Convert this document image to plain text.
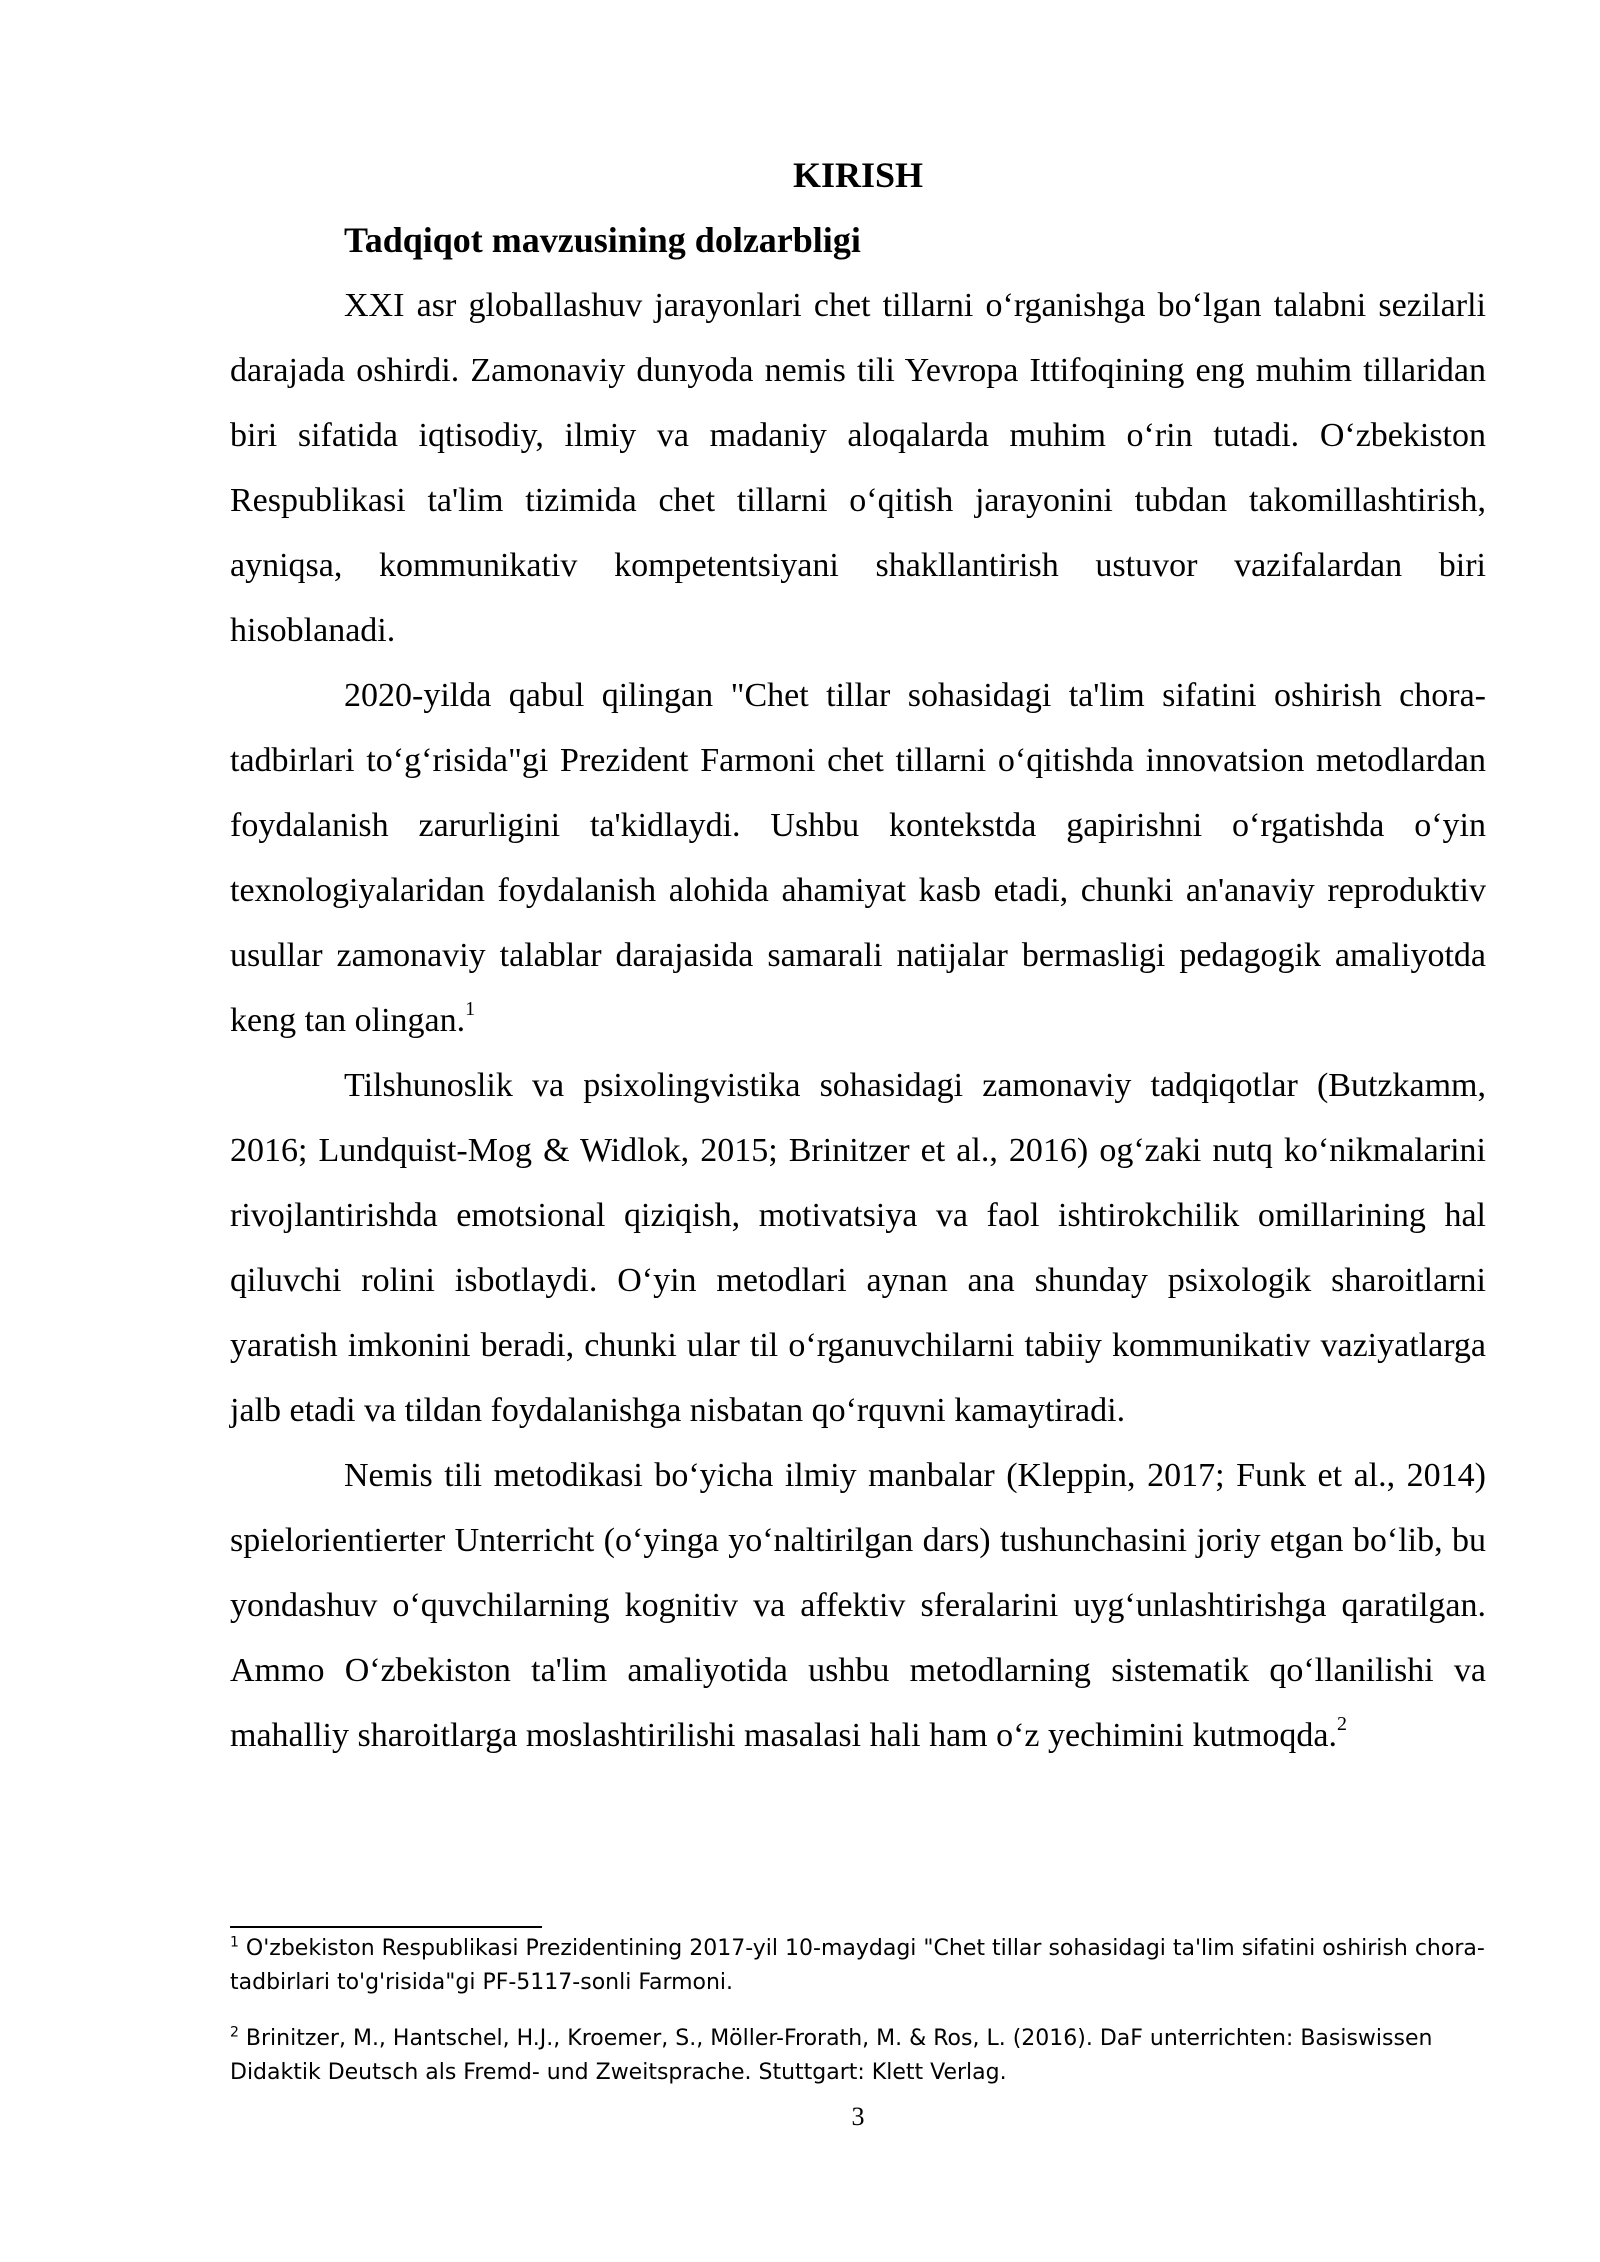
KIRISH
Tadqiqot mavzusining dolzarbligi

XXI asr globallashuv jarayonlari chet tillarni o‘rganishga bo‘lgan talabni sezilarli darajada oshirdi. Zamonaviy dunyoda nemis tili Yevropa Ittifoqining eng muhim tillaridan biri sifatida iqtisodiy, ilmiy va madaniy aloqalarda muhim o‘rin tutadi. O‘zbekiston Respublikasi ta'lim tizimida chet tillarni o‘qitish jarayonini tubdan takomillashtirish, ayniqsa, kommunikativ kompetentsiyani shakllantirish ustuvor vazifalardan biri hisoblanadi.

2020-yilda qabul qilingan "Chet tillar sohasidagi ta'lim sifatini oshirish chora-tadbirlari to‘g‘risida"gi Prezident Farmoni chet tillarni o‘qitishda innovatsion metodlardan foydalanish zarurligini ta'kidlaydi. Ushbu kontekstda gapirishni o‘rgatishda o‘yin texnologiyalaridan foydalanish alohida ahamiyat kasb etadi, chunki an'anaviy reproduktiv usullar zamonaviy talablar darajasida samarali natijalar bermasligi pedagogik amaliyotda keng tan olingan.$^1$

Tilshunoslik va psixolingvistika sohasidagi zamonaviy tadqiqotlar (Butzkamm, 2016; Lundquist-Mog & Widlok, 2015; Brinitzer et al., 2016) og‘zaki nutq ko‘nikmalarini rivojlantirishda emotsional qiziqish, motivatsiya va faol ishtirokchilik omillarining hal qiluvchi rolini isbotlaydi. O‘yin metodlari aynan ana shunday psixologik sharoitlarni yaratish imkonini beradi, chunki ular til o‘rganuvchilarni tabiiy kommunikativ vaziyatlarga jalb etadi va tildan foydalanishga nisbatan qo‘rquvni kamaytiradi.

Nemis tili metodikasi bo‘yicha ilmiy manbalar (Kleppin, 2017; Funk et al., 2014) spielorientierter Unterricht (o‘yinga yo‘naltirilgan dars) tushunchasini joriy etgan bo‘lib, bu yondashuv o‘quvchilarning kognitiv va affektiv sferalarini uyg‘unlashtirishga qaratilgan. Ammo O‘zbekiston ta'lim amaliyotida ushbu metodlarning sistematik qo‘llanilishi va mahalliy sharoitlarga moslashtirilishi masalasi hali ham o‘z yechimini kutmoqda.$^2$

$^1$ O'zbekiston Respublikasi Prezidentining 2017-yil 10-maydagi "Chet tillar sohasidagi ta'lim sifatini oshirish chora-tadbirlari to'g'risida"gi PF-5117-sonli Farmoni.

$^2$ Brinitzer, M., Hantschel, H.J., Kroemer, S., Möller-Frorath, M. & Ros, L. (2016). DaF unterrichten: Basiswissen Didaktik Deutsch als Fremd- und Zweitsprache. Stuttgart: Klett Verlag.

3
